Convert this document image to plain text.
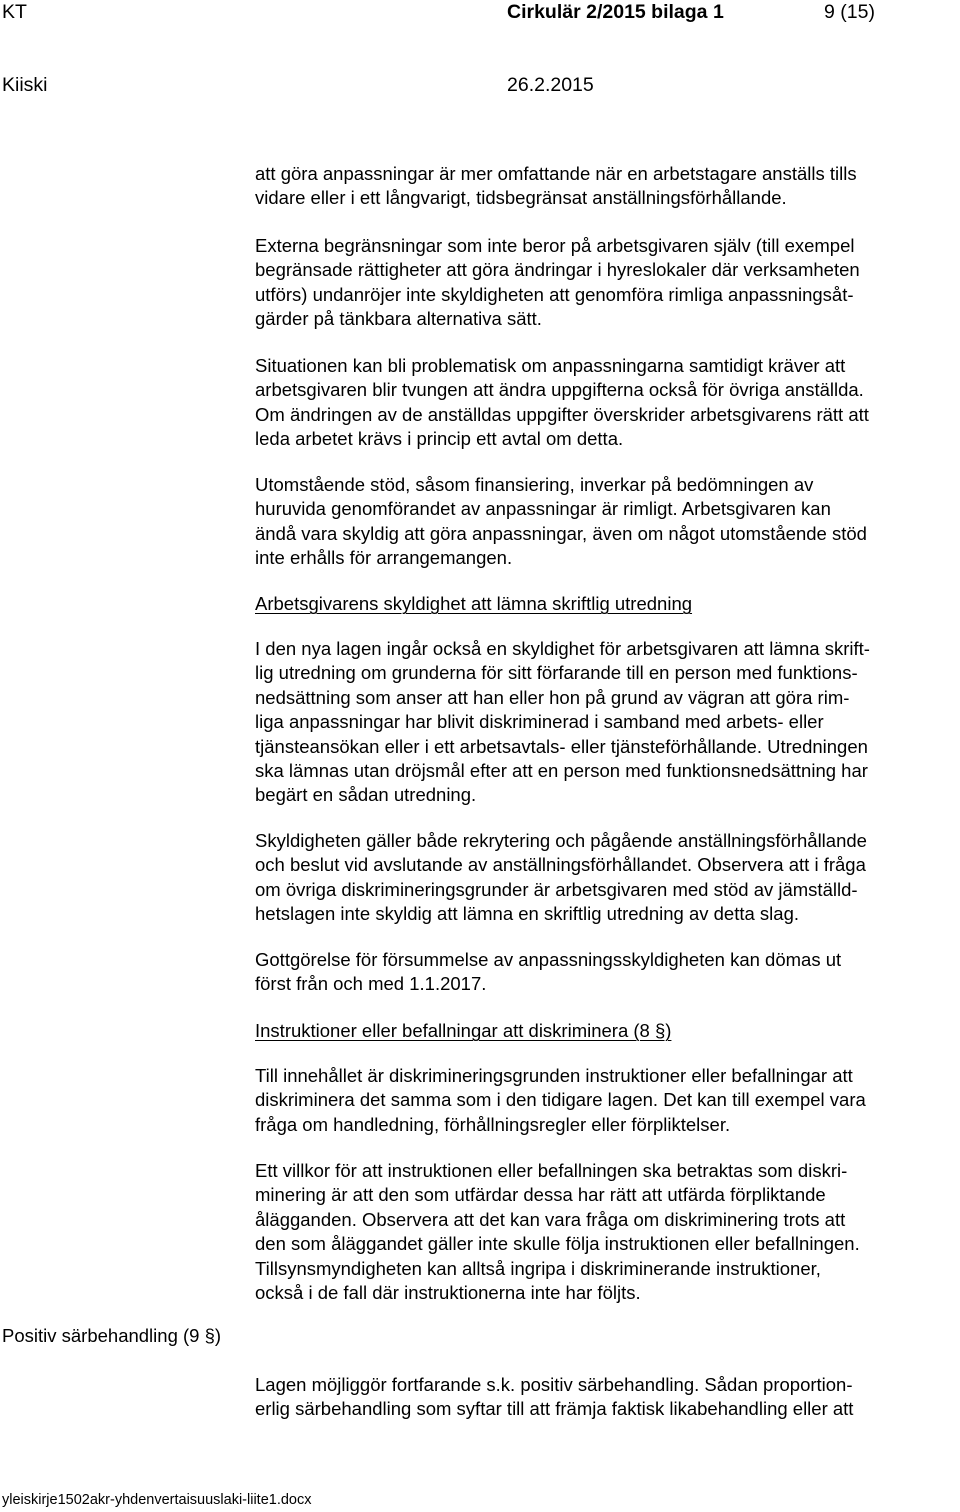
KT	Cirkulär 2/2015 bilaga 1	9 (15)
Kiiski	26.2.2015
att göra anpassningar är mer omfattande när en arbetstagare anställs tills
vidare eller i ett långvarigt, tidsbegränsat anställningsförhållande.
Externa begränsningar som inte beror på arbetsgivaren själv (till exempel
begränsade rättigheter att göra ändringar i hyreslokaler där verksamheten
utförs) undanröjer inte skyldigheten att genomföra rimliga anpassningsåt-
gärder på tänkbara alternativa sätt.
Situationen kan bli problematisk om anpassningarna samtidigt kräver att
arbetsgivaren blir tvungen att ändra uppgifterna också för övriga anställda.
Om ändringen av de anställdas uppgifter överskrider arbetsgivarens rätt att
leda arbetet krävs i princip ett avtal om detta.
Utomstående stöd, såsom finansiering, inverkar på bedömningen av
huruvida genomförandet av anpassningar är rimligt. Arbetsgivaren kan
ändå vara skyldig att göra anpassningar, även om något utomstående stöd
inte erhålls för arrangemangen.
Arbetsgivarens skyldighet att lämna skriftlig utredning
I den nya lagen ingår också en skyldighet för arbetsgivaren att lämna skrift-
lig utredning om grunderna för sitt förfarande till en person med funktions-
nedsättning som anser att han eller hon på grund av vägran att göra rim-
liga anpassningar har blivit diskriminerad i samband med arbets- eller
tjänsteansökan eller i ett arbetsavtals- eller tjänsteförhållande. Utredningen
ska lämnas utan dröjsmål efter att en person med funktionsnedsättning har
begärt en sådan utredning.
Skyldigheten gäller både rekrytering och pågående anställningsförhållande
och beslut vid avslutande av anställningsförhållandet. Observera att i fråga
om övriga diskrimineringsgrunder är arbetsgivaren med stöd av jämställd-
hetslagen inte skyldig att lämna en skriftlig utredning av detta slag.
Gottgörelse för försummelse av anpassningsskyldigheten kan dömas ut
först från och med 1.1.2017.
Instruktioner eller befallningar att diskriminera (8 §)
Till innehållet är diskrimineringsgrunden instruktioner eller befallningar att
diskriminera det samma som i den tidigare lagen. Det kan till exempel vara
fråga om handledning, förhållningsregler eller förpliktelser.
Ett villkor för att instruktionen eller befallningen ska betraktas som diskri-
minering är att den som utfärdar dessa har rätt att utfärda förpliktande
ålägganden. Observera att det kan vara fråga om diskriminering trots att
den som åläggandet gäller inte skulle följa instruktionen eller befallningen.
Tillsynsmyndigheten kan alltså ingripa i diskriminerande instruktioner,
också i de fall där instruktionerna inte har följts.
Positiv särbehandling (9 §)
Lagen möjliggör fortfarande s.k. positiv särbehandling. Sådan proportion-
erlig särbehandling som syftar till att främja faktisk likabehandling eller att
yleiskirje1502akr-yhdenvertaisuuslaki-liite1.docx
